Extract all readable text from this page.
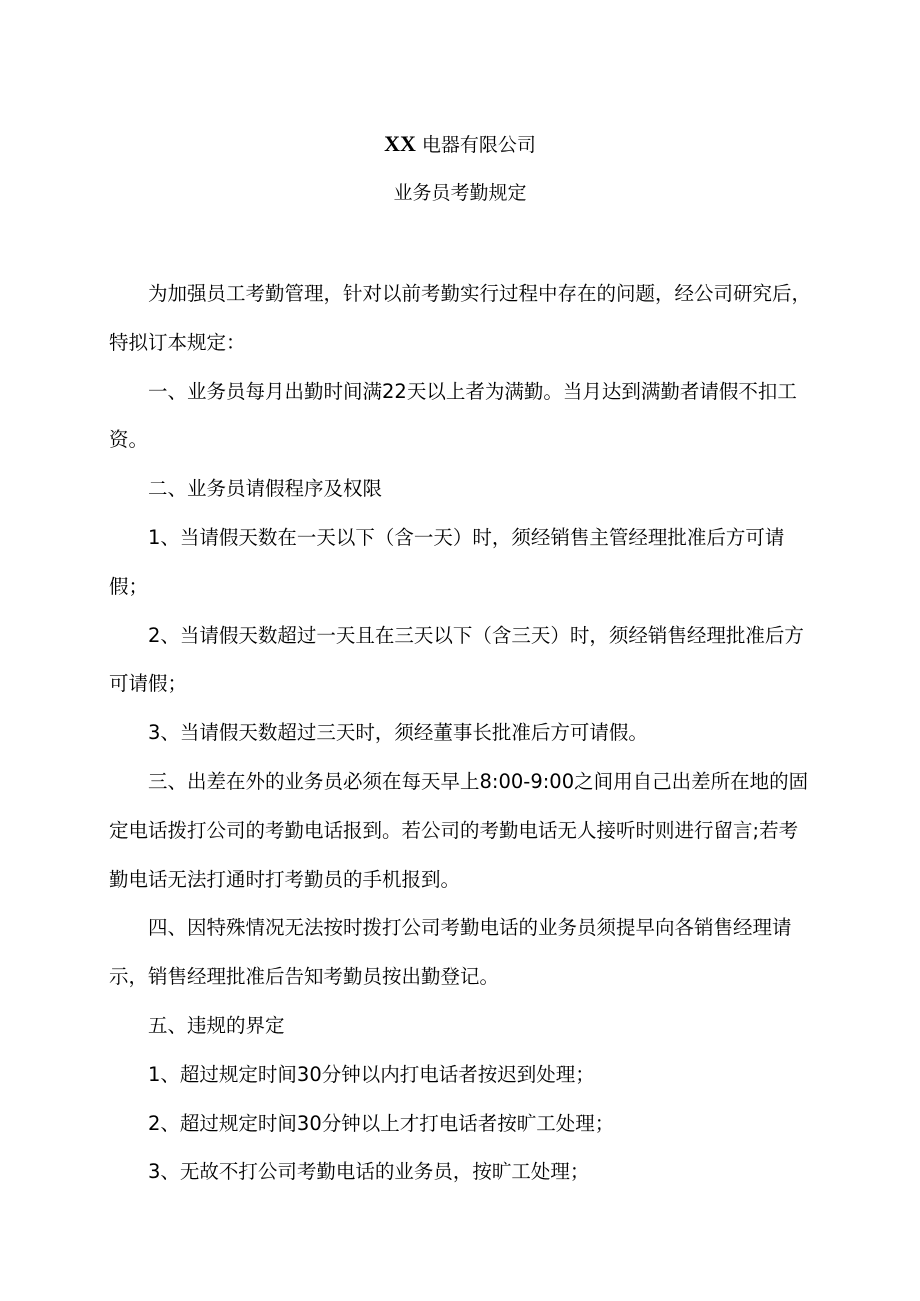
XX 电器有限公司
业务员考勤规定

为加强员工考勤管理，针对以前考勤实行过程中存在的问题，经公司研究后，特拟订本规定：

一、业务员每月出勤时间满22天以上者为满勤。当月达到满勤者请假不扣工资。

二、业务员请假程序及权限

1、当请假天数在一天以下（含一天）时，须经销售主管经理批准后方可请假；

2、当请假天数超过一天且在三天以下（含三天）时，须经销售经理批准后方可请假；

3、当请假天数超过三天时，须经董事长批准后方可请假。

三、出差在外的业务员必须在每天早上8:00-9:00之间用自己出差所在地的固定电话拨打公司的考勤电话报到。若公司的考勤电话无人接听时则进行留言;若考勤电话无法打通时打考勤员的手机报到。

四、因特殊情况无法按时拨打公司考勤电话的业务员须提早向各销售经理请示，销售经理批准后告知考勤员按出勤登记。

五、违规的界定

1、超过规定时间30分钟以内打电话者按迟到处理；

2、超过规定时间30分钟以上才打电话者按旷工处理；

3、无故不打公司考勤电话的业务员，按旷工处理；
